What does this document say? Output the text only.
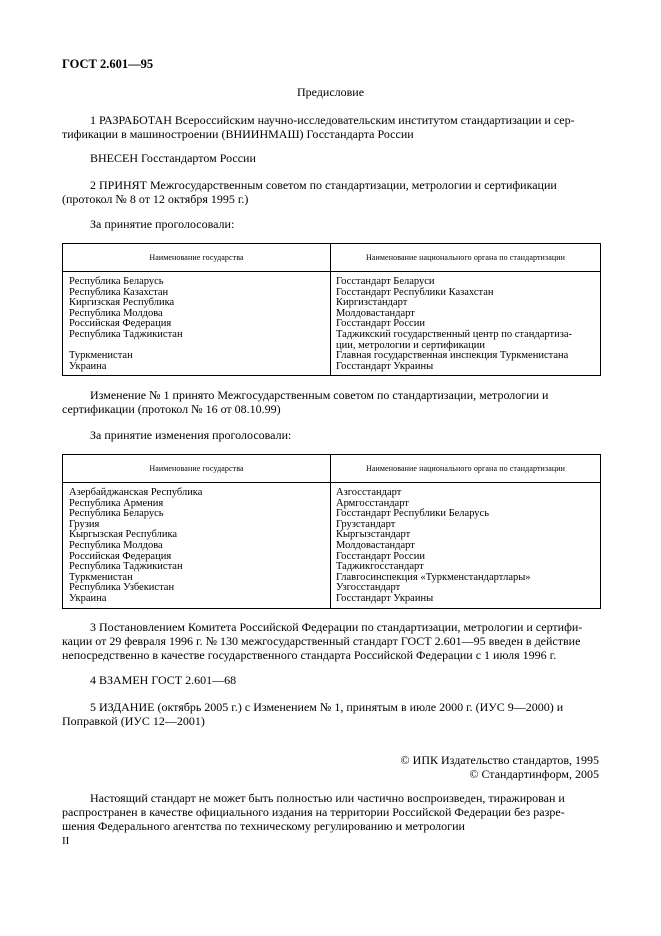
ГОСТ 2.601—95
Предисловие
1 РАЗРАБОТАН Всероссийским научно-исследовательским институтом стандартизации и сер-
тификации в машиностроении (ВНИИНМАШ) Госстандарта России
ВНЕСЕН Госстандартом России
2 ПРИНЯТ Межгосударственным советом по стандартизации, метрологии и сертификации
(протокол № 8 от 12 октября 1995 г.)
За принятие проголосовали:
Наименование государства	Наименование национального органа по стандартизации
Республика Беларусь
Республика Казахстан
Киргизская Республика
Республика Молдова
Российская Федерация
Республика Таджикистан

Туркменистан
Украина
Госстандарт Беларуси
Госстандарт Республики Казахстан
Киргизстандарт
Молдовастандарт
Госстандарт России
Таджикский государственный центр по стандартиза-
ции, метрологии и сертификации
Главная государственная инспекция Туркменистана
Госстандарт Украины
Изменение № 1 принято Межгосударственным советом по стандартизации, метрологии и
сертификации (протокол № 16 от 08.10.99)
За принятие изменения проголосовали:
Наименование государства	Наименование национального органа по стандартизации
Азербайджанская Республика
Республика Армения
Республика Беларусь
Грузия
Кыргызская Республика
Республика Молдова
Российская Федерация
Республика Таджикистан
Туркменистан
Республика Узбекистан
Украина
Азгосстандарт
Армгосстандарт
Госстандарт Республики Беларусь
Грузстандарт
Кыргызстандарт
Молдовастандарт
Госстандарт России
Таджикгосстандарт
Главгосинспекция «Туркменстандартлары»
Узгосстандарт
Госстандарт Украины
3 Постановлением Комитета Российской Федерации по стандартизации, метрологии и сертифи-
кации от 29 февраля 1996 г. № 130 межгосударственный стандарт ГОСТ 2.601—95 введен в действие
непосредственно в качестве государственного стандарта Российской Федерации с 1 июля 1996 г.
4 ВЗАМЕН ГОСТ 2.601—68
5 ИЗДАНИЕ (октябрь 2005 г.) с Изменением № 1, принятым в июле 2000 г. (ИУС 9—2000) и
Поправкой (ИУС 12—2001)
© ИПК Издательство стандартов, 1995
© Стандартинформ, 2005
Настоящий стандарт не может быть полностью или частично воспроизведен, тиражирован и
распространен в качестве официального издания на территории Российской Федерации без разре-
шения Федерального агентства по техническому регулированию и метрологии
II
